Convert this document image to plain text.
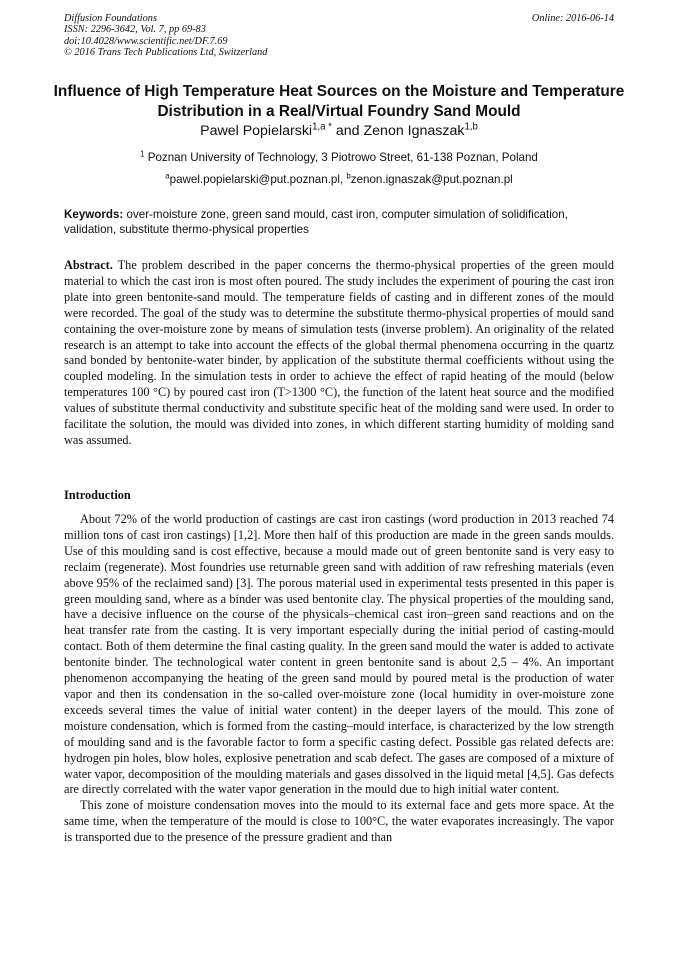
Diffusion Foundations
ISSN: 2296-3642, Vol. 7, pp 69-83
doi:10.4028/www.scientific.net/DF.7.69
© 2016 Trans Tech Publications Ltd, Switzerland
Online: 2016-06-14
Influence of High Temperature Heat Sources on the Moisture and Temperature Distribution in a Real/Virtual Foundry Sand Mould
Pawel Popielarski$^{1,a *}$ and Zenon Ignaszak$^{1,b}$
$^1$ Poznan University of Technology, 3 Piotrowo Street, 61-138 Poznan, Poland
$^a$pawel.popielarski@put.poznan.pl, $^b$zenon.ignaszak@put.poznan.pl
Keywords: over-moisture zone, green sand mould, cast iron, computer simulation of solidification, validation, substitute thermo-physical properties

Abstract. The problem described in the paper concerns the thermo-physical properties of the green mould material to which the cast iron is most often poured. The study includes the experiment of pouring the cast iron plate into green bentonite-sand mould. The temperature fields of casting and in different zones of the mould were recorded. The goal of the study was to determine the substitute thermo-physical properties of mould sand containing the over-moisture zone by means of simulation tests (inverse problem). An originality of the related research is an attempt to take into account the effects of the global thermal phenomena occurring in the quartz sand bonded by bentonite-water binder, by application of the substitute thermal coefficients without using the coupled modeling. In the simulation tests in order to achieve the effect of rapid heating of the mould (below temperatures 100 °C) by poured cast iron (T>1300 °C), the function of the latent heat source and the modified values of substitute thermal conductivity and substitute specific heat of the molding sand were used. In order to facilitate the solution, the mould was divided into zones, in which different starting humidity of molding sand was assumed.

Introduction

About 72% of the world production of castings are cast iron castings (word production in 2013 reached 74 million tons of cast iron castings) [1,2]. More then half of this production are made in the green sands moulds. Use of this moulding sand is cost effective, because a mould made out of green bentonite sand is very easy to reclaim (regenerate). Most foundries use returnable green sand with addition of raw refreshing materials (even above 95% of the reclaimed sand) [3]. The porous material used in experimental tests presented in this paper is green moulding sand, where as a binder was used bentonite clay. The physical properties of the moulding sand, have a decisive influence on the course of the physicals–chemical cast iron–green sand reactions and on the heat transfer rate from the casting. It is very important especially during the initial period of casting-mould contact. Both of them determine the final casting quality. In the green sand mould the water is added to activate bentonite binder. The technological water content in green bentonite sand is about 2,5 – 4%. An important phenomenon accompanying the heating of the green sand mould by poured metal is the production of water vapor and then its condensation in the so-called over-moisture zone (local humidity in over-moisture zone exceeds several times the value of initial water content) in the deeper layers of the mould. This zone of moisture condensation, which is formed from the casting–mould interface, is characterized by the low strength of moulding sand and is the favorable factor to form a specific casting defect. Possible gas related defects are: hydrogen pin holes, blow holes, explosive penetration and scab defect. The gases are composed of a mixture of water vapor, decomposition of the moulding materials and gases dissolved in the liquid metal [4,5]. Gas defects are directly correlated with the water vapor generation in the mould due to high initial water content.

This zone of moisture condensation moves into the mould to its external face and gets more space. At the same time, when the temperature of the mould is close to 100°C, the water evaporates increasingly. The vapor is transported due to the presence of the pressure gradient and than
